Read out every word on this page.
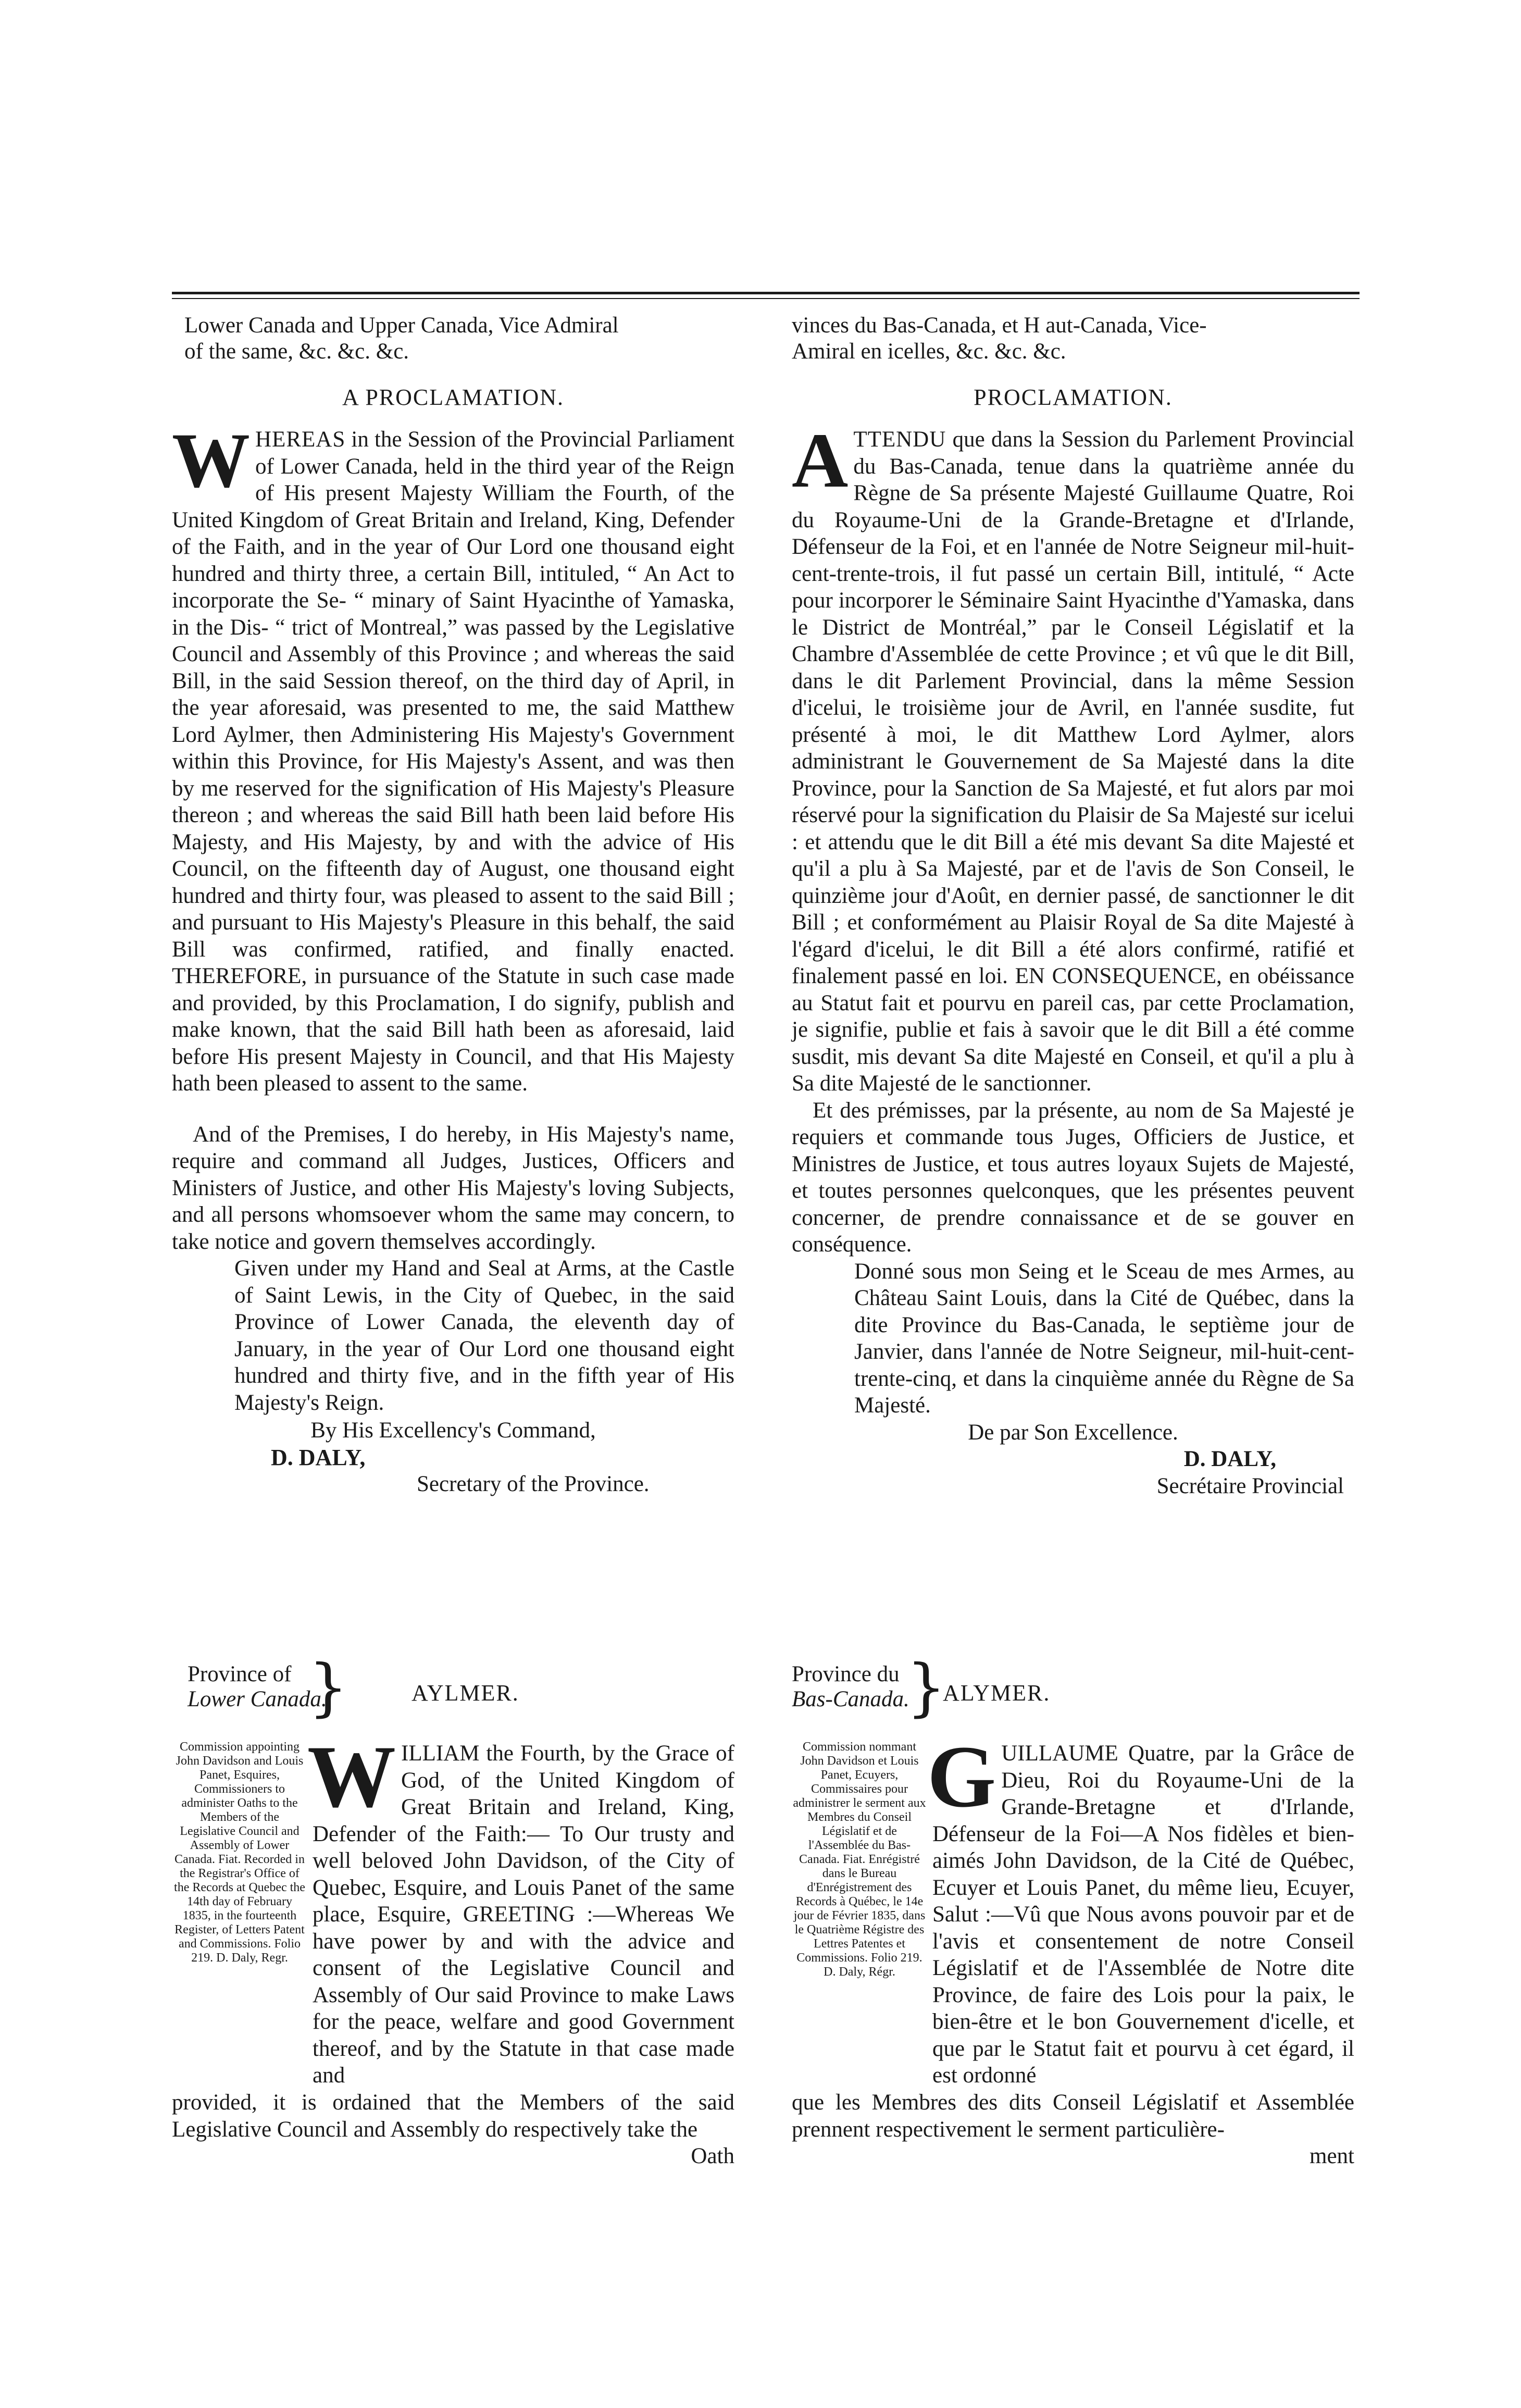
Lower Canada and Upper Canada, Vice Admiral

of the same, &c. &c. &c.

A PROCLAMATION.

WHEREAS in the Session of the Provincial Parliament of Lower Canada, held in the third year of the Reign of His present Majesty William the Fourth, of the United Kingdom of Great Britain and Ireland, King, Defender of the Faith, and in the year of Our Lord one thousand eight hundred and thirty three, a certain Bill, intituled, “ An Act to incorporate the Se- “ minary of Saint Hyacinthe of Yamaska, in the Dis- “ trict of Montreal,” was passed by the Legislative Council and Assembly of this Province ; and whereas the said Bill, in the said Session thereof, on the third day of April, in the year aforesaid, was presented to me, the said Matthew Lord Aylmer, then Administering His Majesty's Government within this Province, for His Majesty's Assent, and was then by me reserved for the signification of His Majesty's Pleasure thereon ; and whereas the said Bill hath been laid before His Majesty, and His Majesty, by and with the advice of His Council, on the fifteenth day of August, one thousand eight hundred and thirty four, was pleased to assent to the said Bill ; and pursuant to His Majesty's Pleasure in this behalf, the said Bill was confirmed, ratified, and finally enacted. THEREFORE, in pursuance of the Statute in such case made and provided, by this Proclamation, I do signify, publish and make known, that the said Bill hath been as aforesaid, laid before His present Majesty in Council, and that His Majesty hath been pleased to assent to the same.

And of the Premises, I do hereby, in His Majesty's name, require and command all Judges, Justices, Officers and Ministers of Justice, and other His Majesty's loving Subjects, and all persons whomsoever whom the same may concern, to take notice and govern themselves accordingly.

Given under my Hand and Seal at Arms, at the Castle of Saint Lewis, in the City of Quebec, in the said Province of Lower Canada, the eleventh day of January, in the year of Our Lord one thousand eight hundred and thirty five, and in the fifth year of His Majesty's Reign.

By His Excellency's Command,

D. DALY,

Secretary of the Province.

vinces du Bas-Canada, et H aut-Canada, Vice-

Amiral en icelles, &c. &c. &c.

PROCLAMATION.

ATTENDU que dans la Session du Parlement Provincial du Bas-Canada, tenue dans la quatrième année du Règne de Sa présente Majesté Guillaume Quatre, Roi du Royaume-Uni de la Grande-Bretagne et d'Irlande, Défenseur de la Foi, et en l'année de Notre Seigneur mil-huit-cent-trente-trois, il fut passé un certain Bill, intitulé, “ Acte pour incorporer le Séminaire Saint Hyacinthe d'Yamaska, dans le District de Montréal,” par le Conseil Législatif et la Chambre d'Assemblée de cette Province ; et vû que le dit Bill, dans le dit Parlement Provincial, dans la même Session d'icelui, le troisième jour de Avril, en l'année susdite, fut présenté à moi, le dit Matthew Lord Aylmer, alors administrant le Gouvernement de Sa Majesté dans la dite Province, pour la Sanction de Sa Majesté, et fut alors par moi réservé pour la signification du Plaisir de Sa Majesté sur icelui : et attendu que le dit Bill a été mis devant Sa dite Majesté et qu'il a plu à Sa Majesté, par et de l'avis de Son Conseil, le quinzième jour d'Août, en dernier passé, de sanctionner le dit Bill ; et conformément au Plaisir Royal de Sa dite Majesté à l'égard d'icelui, le dit Bill a été alors confirmé, ratifié et finalement passé en loi. EN CONSEQUENCE, en obéissance au Statut fait et pourvu en pareil cas, par cette Proclamation, je signifie, publie et fais à savoir que le dit Bill a été comme susdit, mis devant Sa dite Majesté en Conseil, et qu'il a plu à Sa dite Majesté de le sanctionner.

Et des prémisses, par la présente, au nom de Sa Majesté je requiers et commande tous Juges, Officiers de Justice, et Ministres de Justice, et tous autres loyaux Sujets de Majesté, et toutes personnes quelconques, que les présentes peuvent concerner, de prendre connaissance et de se gouver en conséquence.

Donné sous mon Seing et le Sceau de mes Armes, au Château Saint Louis, dans la Cité de Québec, dans la dite Province du Bas-Canada, le septième jour de Janvier, dans l'année de Notre Seigneur, mil-huit-cent-trente-cinq, et dans la cinquième année du Règne de Sa Majesté.

De par Son Excellence.

D. DALY,

Secrétaire Provincial

Province of
Lower Canada.
}	AYLMER.
Commission appointing John Davidson and Louis Panet, Esquires, Commissioners to administer Oaths to the Members of the Legislative Council and Assembly of Lower Canada. Fiat. Recorded in the Registrar's Office of the Records at Quebec the 14th day of February 1835, in the fourteenth Register, of Letters Patent and Commissions. Folio 219. D. Daly, Regr.

WILLIAM the Fourth, by the Grace of God, of the United Kingdom of Great Britain and Ireland, King, Defender of the Faith:— To Our trusty and well beloved John Davidson, of the City of Quebec, Esquire, and Louis Panet of the same place, Esquire, GREETING :—Whereas We have power by and with the advice and consent of the Legislative Council and Assembly of Our said Province to make Laws for the peace, welfare and good Government thereof, and by the Statute in that case made and

provided, it is ordained that the Members of the said Legislative Council and Assembly do respectively take the

Oath

Province du
Bas-Canada.
}
ALYMER.
Commission nommant John Davidson et Louis Panet, Ecuyers, Commissaires pour administrer le serment aux Membres du Conseil Législatif et de l'Assemblée du Bas-Canada. Fiat. Enrégistré dans le Bureau d'Enrégistrement des Records à Québec, le 14e jour de Février 1835, dans le Quatrième Régistre des Lettres Patentes et Commissions. Folio 219. D. Daly, Régr.

GUILLAUME Quatre, par la Grâce de Dieu, Roi du Royaume-Uni de la Grande-Bretagne et d'Irlande, Défenseur de la Foi—A Nos fidèles et bien-aimés John Davidson, de la Cité de Québec, Ecuyer et Louis Panet, du même lieu, Ecuyer, Salut :—Vû que Nous avons pouvoir par et de l'avis et consentement de notre Conseil Législatif et de l'Assemblée de Notre dite Province, de faire des Lois pour la paix, le bien-être et le bon Gouvernement d'icelle, et que par le Statut fait et pourvu à cet égard, il est ordonné

que les Membres des dits Conseil Législatif et Assemblée prennent respectivement le serment particulière-

ment
